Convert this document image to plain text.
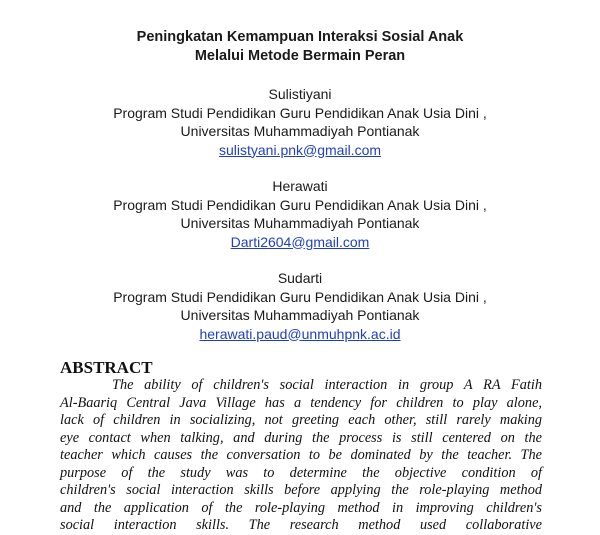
Peningkatan Kemampuan Interaksi Sosial Anak
Melalui Metode Bermain Peran
Sulistiyani
Program Studi Pendidikan Guru Pendidikan Anak Usia Dini ,
Universitas Muhammadiyah Pontianak
sulistyani.pnk@gmail.com
Herawati
Program Studi Pendidikan Guru Pendidikan Anak Usia Dini ,
Universitas Muhammadiyah Pontianak
Darti2604@gmail.com
Sudarti
Program Studi Pendidikan Guru Pendidikan Anak Usia Dini ,
Universitas Muhammadiyah Pontianak
herawati.paud@unmuhpnk.ac.id
ABSTRACT
The ability of children's social interaction in group A RA Fatih
Al-Baariq Central Java Village has a tendency for children to play alone,
lack of children in socializing, not greeting each other, still rarely making
eye contact when talking, and during the process is still centered on the
teacher which causes the conversation to be dominated by the teacher. The
purpose of the study was to determine the objective condition of
children's social interaction skills before applying the role-playing method
and the application of the role-playing method in improving children's
social interaction skills. The research method used collaborative
